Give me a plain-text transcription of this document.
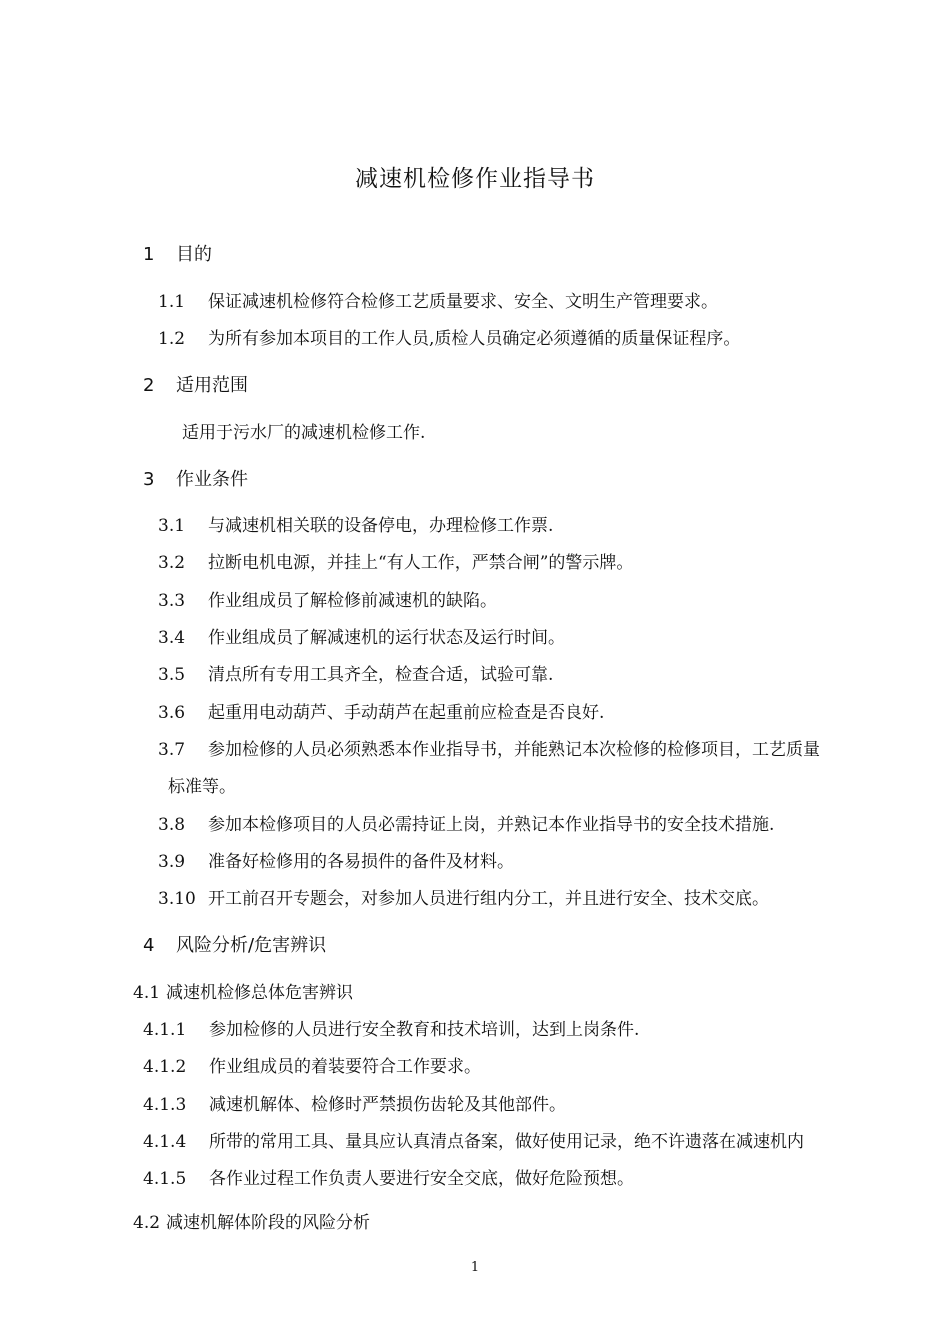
减速机检修作业指导书
1 目的
1.1 保证减速机检修符合检修工艺质量要求、安全、文明生产管理要求。
1.2 为所有参加本项目的工作人员,质检人员确定必须遵循的质量保证程序。
2 适用范围
适用于污水厂的减速机检修工作.
3 作业条件
3.1 与减速机相关联的设备停电，办理检修工作票.
3.2 拉断电机电源，并挂上“有人工作，严禁合闸”的警示牌。
3.3 作业组成员了解检修前减速机的缺陷。
3.4 作业组成员了解减速机的运行状态及运行时间。
3.5 清点所有专用工具齐全，检查合适，试验可靠.
3.6 起重用电动葫芦、手动葫芦在起重前应检查是否良好.
3.7 参加检修的人员必须熟悉本作业指导书，并能熟记本次检修的检修项目，工艺质量
标准等。
3.8 参加本检修项目的人员必需持证上岗，并熟记本作业指导书的安全技术措施.
3.9 准备好检修用的各易损件的备件及材料。
3.10 开工前召开专题会，对参加人员进行组内分工，并且进行安全、技术交底。
4 风险分析/危害辨识
4.1 减速机检修总体危害辨识
4.1.1 参加检修的人员进行安全教育和技术培训，达到上岗条件.
4.1.2 作业组成员的着装要符合工作要求。
4.1.3 减速机解体、检修时严禁损伤齿轮及其他部件。
4.1.4 所带的常用工具、量具应认真清点备案，做好使用记录，绝不许遗落在减速机内
4.1.5 各作业过程工作负责人要进行安全交底，做好危险预想。
4.2 减速机解体阶段的风险分析
1
